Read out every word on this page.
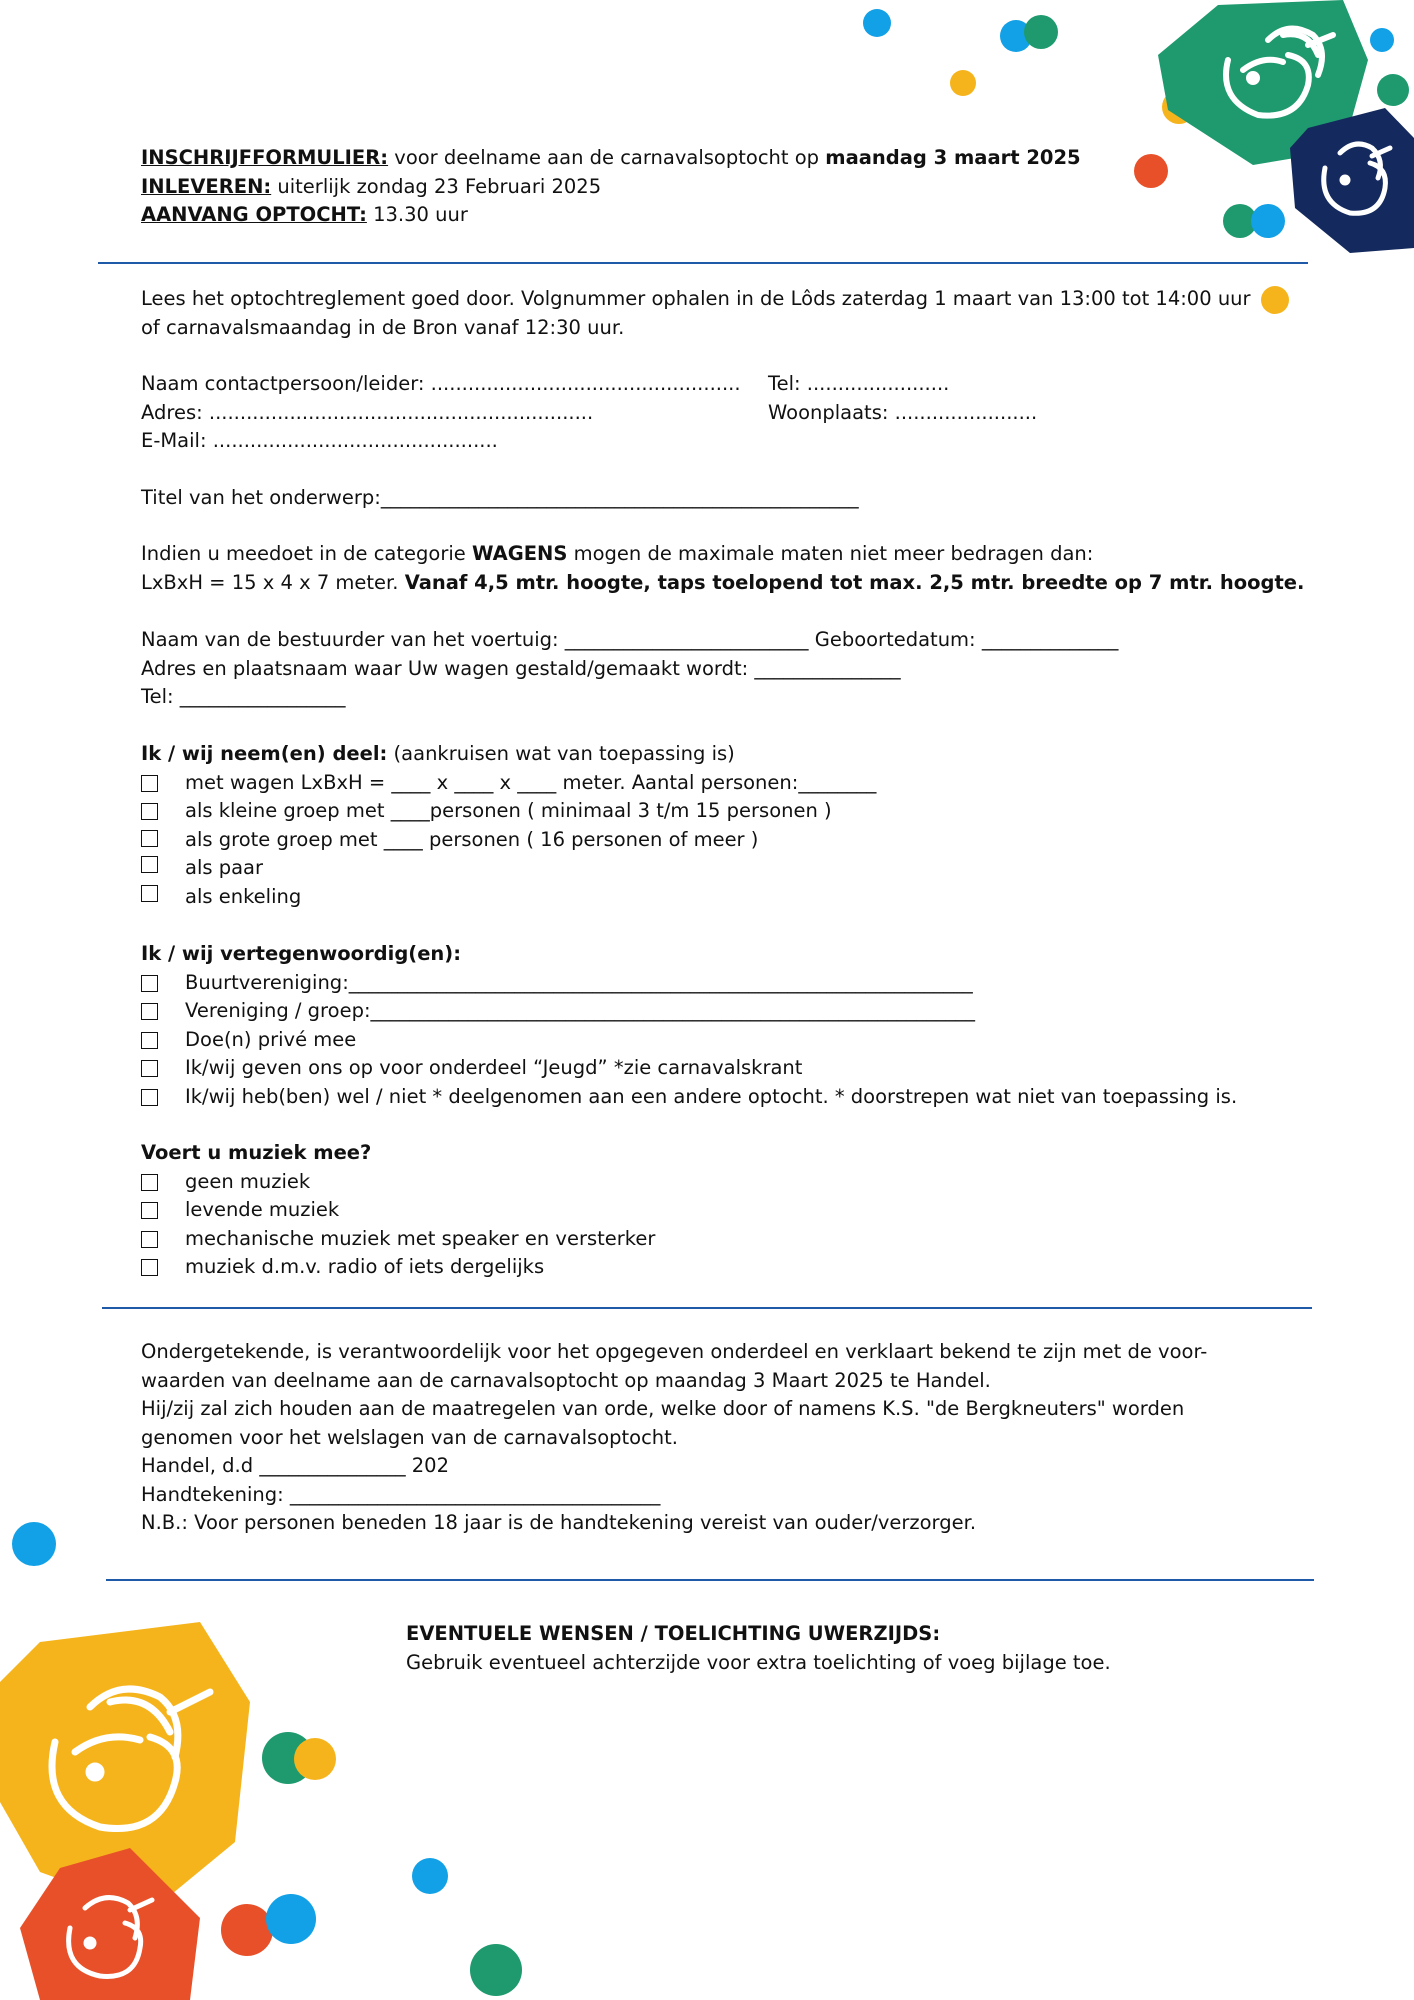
INSCHRIJFFORMULIER: voor deelname aan de carnavalsoptocht op maandag 3 maart 2025
INLEVEREN: uiterlijk zondag 23 Februari 2025
AANVANG OPTOCHT: 13.30 uur
Lees het optochtreglement goed door. Volgnummer ophalen in de Lôds zaterdag 1 maart van 13:00 tot 14:00 uur
of carnavalsmaandag in de Bron vanaf 12:30 uur.
Naam contactpersoon/leider: .................................................. Tel: .......................
Adres: ..............................................................	Woonplaats: .......................
E-Mail: ..............................................
Titel van het onderwerp:_________________________________________________
Indien u meedoet in de categorie WAGENS mogen de maximale maten niet meer bedragen dan:
LxBxH = 15 x 4 x 7 meter. Vanaf 4,5 mtr. hoogte, taps toelopend tot max. 2,5 mtr. breedte op 7 mtr. hoogte.
Naam van de bestuurder van het voertuig: _________________________ Geboortedatum: ______________
Adres en plaatsnaam waar Uw wagen gestald/gemaakt wordt: _______________
Tel: _________________
Ik / wij neem(en) deel: (aankruisen wat van toepassing is)
met wagen LxBxH = ____ x ____ x ____ meter. Aantal personen:________
als kleine groep met ____personen ( minimaal 3 t/m 15 personen )
als grote groep met ____ personen ( 16 personen of meer )
als paar
als enkeling
Ik / wij vertegenwoordig(en):
Buurtvereniging:________________________________________________________________
Vereniging / groep:______________________________________________________________
Doe(n) privé mee
Ik/wij geven ons op voor onderdeel “Jeugd” *zie carnavalskrant
Ik/wij heb(ben) wel / niet * deelgenomen aan een andere optocht. * doorstrepen wat niet van toepassing is.
Voert u muziek mee?
geen muziek
levende muziek
mechanische muziek met speaker en versterker
muziek d.m.v. radio of iets dergelijks
Ondergetekende, is verantwoordelijk voor het opgegeven onderdeel en verklaart bekend te zijn met de voor-
waarden van deelname aan de carnavalsoptocht op maandag 3 Maart 2025 te Handel.
Hij/zij zal zich houden aan de maatregelen van orde, welke door of namens K.S. "de Bergkneuters" worden
genomen voor het welslagen van de carnavalsoptocht.
Handel, d.d _______________ 202
Handtekening: ______________________________________
N.B.: Voor personen beneden 18 jaar is de handtekening vereist van ouder/verzorger.
EVENTUELE WENSEN / TOELICHTING UWERZIJDS:
Gebruik eventueel achterzijde voor extra toelichting of voeg bijlage toe.
